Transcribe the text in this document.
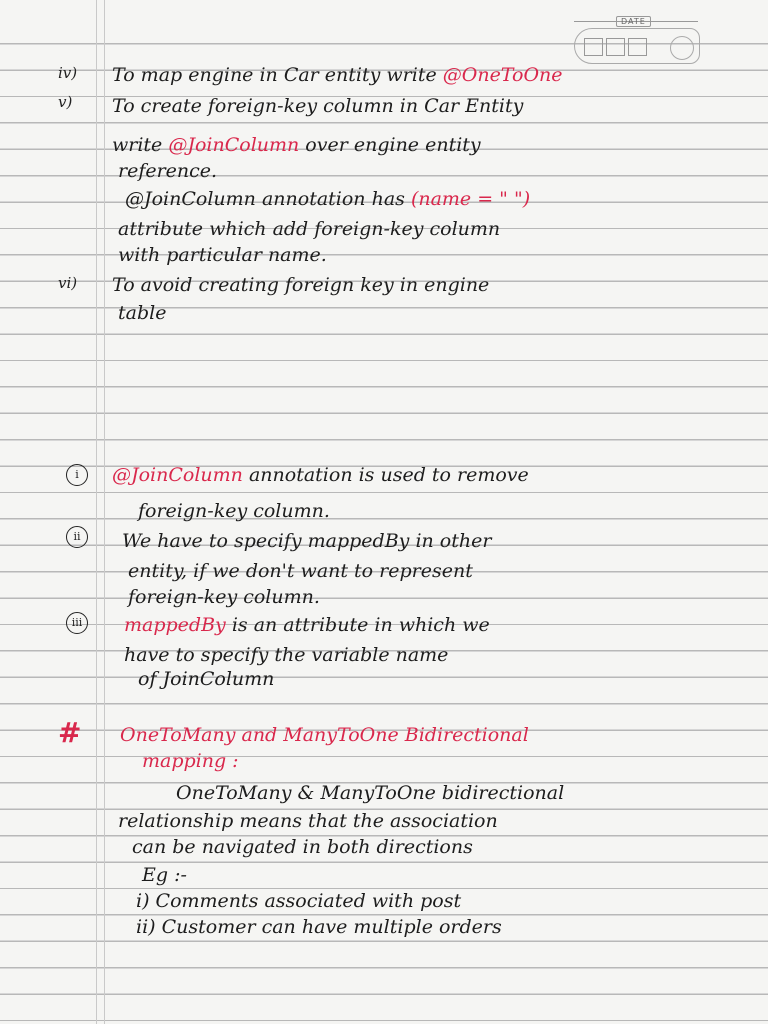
DATE
iv) To map engine in Car entity write @OneToOne
v) To create foreign-key column in Car Entity
write @JoinColumn over engine entity
reference.
@JoinColumn annotation has (name = " ")
attribute which add foreign-key column
with particular name.
vi) To avoid creating foreign key in engine
table
i	@JoinColumn annotation is used to remove
foreign-key column.
ii	We have to specify mappedBy in other
entity, if we don't want to represent
foreign-key column.
iii	mappedBy is an attribute in which we
have to specify the variable name
of JoinColumn
# OneToMany and ManyToOne Bidirectional
mapping :
OneToMany & ManyToOne bidirectional
relationship means that the association
can be navigated in both directions
Eg :-
i) Comments associated with post
ii) Customer can have multiple orders
